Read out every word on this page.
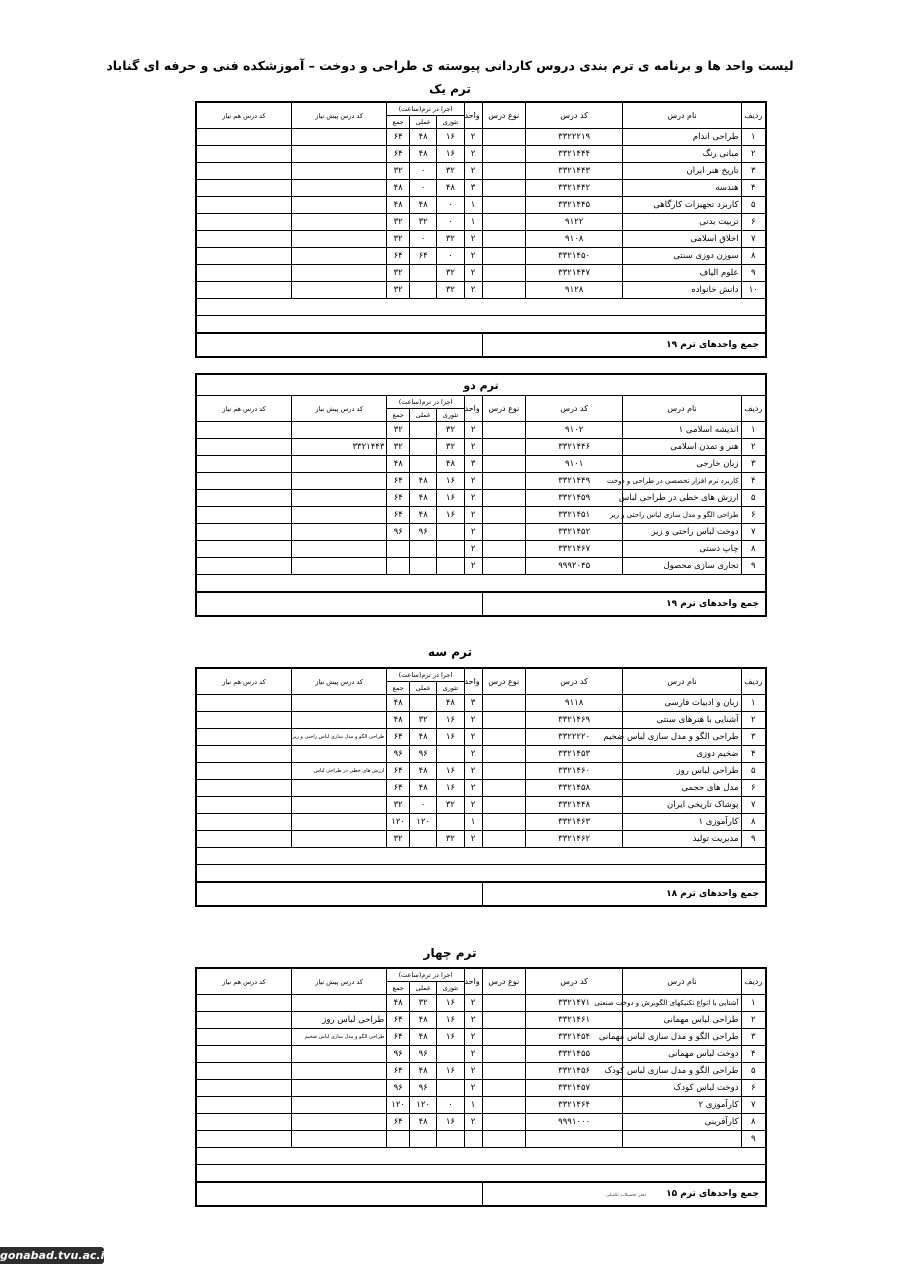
لیست واحد ها و برنامه ی ترم بندی دروس کاردانی پیوسته ی طراحی و دوخت – آموزشکده فنی و حرفه ای گناباد
ترم یک
ردیف	نام درس	کد درس	نوع درس	واحد	اجرا در ترم(ساعت)			کد درس پیش نیاز	کد درس هم نیاز
					تئوری	عملی	جمع		
۱	طراحی اندام	۳۳۲۲۲۱۹		۲	۱۶	۴۸	۶۴		
۲	مبانی رنگ	۳۳۲۱۴۴۴		۲	۱۶	۴۸	۶۴		
۳	تاریخ هنر ایران	۳۳۲۱۴۴۳		۲	۳۲	۰	۳۲		
۴	هندسه	۳۳۲۱۴۴۲		۳	۴۸	۰	۴۸		
۵	کاربرد تجهیزات کارگاهی	۳۳۲۱۴۴۵		۱	۰	۴۸	۴۸		
۶	تربیت بدنی	۹۱۲۲		۱	۰	۳۲	۳۲		
۷	اخلاق اسلامی	۹۱۰۸		۲	۳۲	۰	۳۲		
۸	سوزن دوزی سنتی	۳۳۲۱۴۵۰		۲	۰	۶۴	۶۴		
۹	علوم الیاف	۳۳۲۱۴۴۷		۲	۳۲		۳۲		
۱۰	دانش خانواده	۹۱۲۸		۲	۳۲		۳۲		

جمع واحدهای ترم ۱۹									
ترم دو									
ردیف	نام درس	کد درس	نوع درس	واحد	اجرا در ترم(ساعت)			کد درس پیش نیاز	کد درس هم نیاز
					تئوری	عملی	جمع		
۱	اندیشه اسلامی ۱	۹۱۰۲		۲	۳۲		۳۲		
۲	هنر و تمدن اسلامی	۳۳۲۱۴۴۶		۲	۳۲		۳۲	۳۳۲۱۴۴۳	
۳	زبان خارجی	۹۱۰۱		۳	۴۸		۴۸		
۴	کاربرد نرم افزار تخصصی در طراحی و دوخت	۳۳۲۱۴۴۹		۲	۱۶	۴۸	۶۴		
۵	ارزش های خطی در طراحی لباس	۳۳۲۱۴۵۹		۲	۱۶	۴۸	۶۴		
۶	طراحی الگو و مدل سازی لباس راحتی و زیر	۳۳۲۱۴۵۱		۲	۱۶	۴۸	۶۴		
۷	دوخت لباس راحتی و زیر	۳۳۲۱۴۵۲		۲		۹۶	۹۶		
۸	چاپ دستی	۳۳۲۱۴۶۷		۲					
۹	تجاری سازی محصول	۹۹۹۲۰۴۵		۲					

جمع واحدهای ترم ۱۹									
ترم سه
ردیف	نام درس	کد درس	نوع درس	واحد	اجرا در ترم(ساعت)			کد درس پیش نیاز	کد درس هم نیاز
					تئوری	عملی	جمع		
۱	زبان و ادبیات فارسی	۹۱۱۸		۳	۴۸		۴۸		
۲	آشنایی با هنرهای سنتی	۳۳۲۱۴۶۹		۲	۱۶	۳۲	۴۸		
۳	طراحی الگو و مدل سازی لباس ضخیم	۳۳۲۲۲۲۰		۲	۱۶	۴۸	۶۴	طراحی الگو و مدل سازی لباس راحتی و زیر	
۴	ضخیم دوزی	۳۳۲۱۴۵۳		۲		۹۶	۹۶		
۵	طراحی لباس روز	۳۳۲۱۴۶۰		۲	۱۶	۴۸	۶۴	ارزش های خطی در طراحی لباس	
۶	مدل های حجمی	۳۳۲۱۴۵۸		۲	۱۶	۴۸	۶۴		
۷	پوشاک تاریخی ایران	۳۳۲۱۴۴۸		۲	۳۲	۰	۳۲		
۸	کارآموزی ۱	۳۳۲۱۴۶۳		۱		۱۲۰	۱۲۰		
۹	مدیریت تولید	۳۳۲۱۴۶۲		۲	۳۲		۳۲		

جمع واحدهای ترم ۱۸									
ترم چهار
ردیف	نام درس	کد درس	نوع درس	واحد	اجرا در ترم(ساعت)			کد درس پیش نیاز	کد درس هم نیاز
					تئوری	عملی	جمع		
۱	آشنایی با انواع تکنیکهای الگوبرش و دوخت صنعتی	۳۳۲۱۴۷۱		۲	۱۶	۳۲	۴۸		
۲	طراحی لباس مهمانی	۳۳۲۱۴۶۱		۲	۱۶	۴۸	۶۴	طراحی لباس روز	
۳	طراحی الگو و مدل سازی لباس مهمانی	۳۳۲۱۴۵۴		۲	۱۶	۴۸	۶۴	طراحی الگو و مدل سازی لباس ضخیم	
۴	دوخت لباس مهمانی	۳۳۲۱۴۵۵		۲		۹۶	۹۶		
۵	طراحی الگو و مدل سازی لباس کودک	۳۳۲۱۴۵۶		۲	۱۶	۴۸	۶۴		
۶	دوخت لباس کودک	۳۳۲۱۴۵۷		۲		۹۶	۹۶		
۷	کارآموزی ۲	۳۳۲۱۴۶۴		۱	۰	۱۲۰	۱۲۰		
۸	کارآفرینی	۹۹۹۱۰۰۰		۲	۱۶	۴۸	۶۴		
۹									

جمع واحدهای ترم ۱۵دفتر تحصیلات تکمیلی									
gonabad.tvu.ac.ir
